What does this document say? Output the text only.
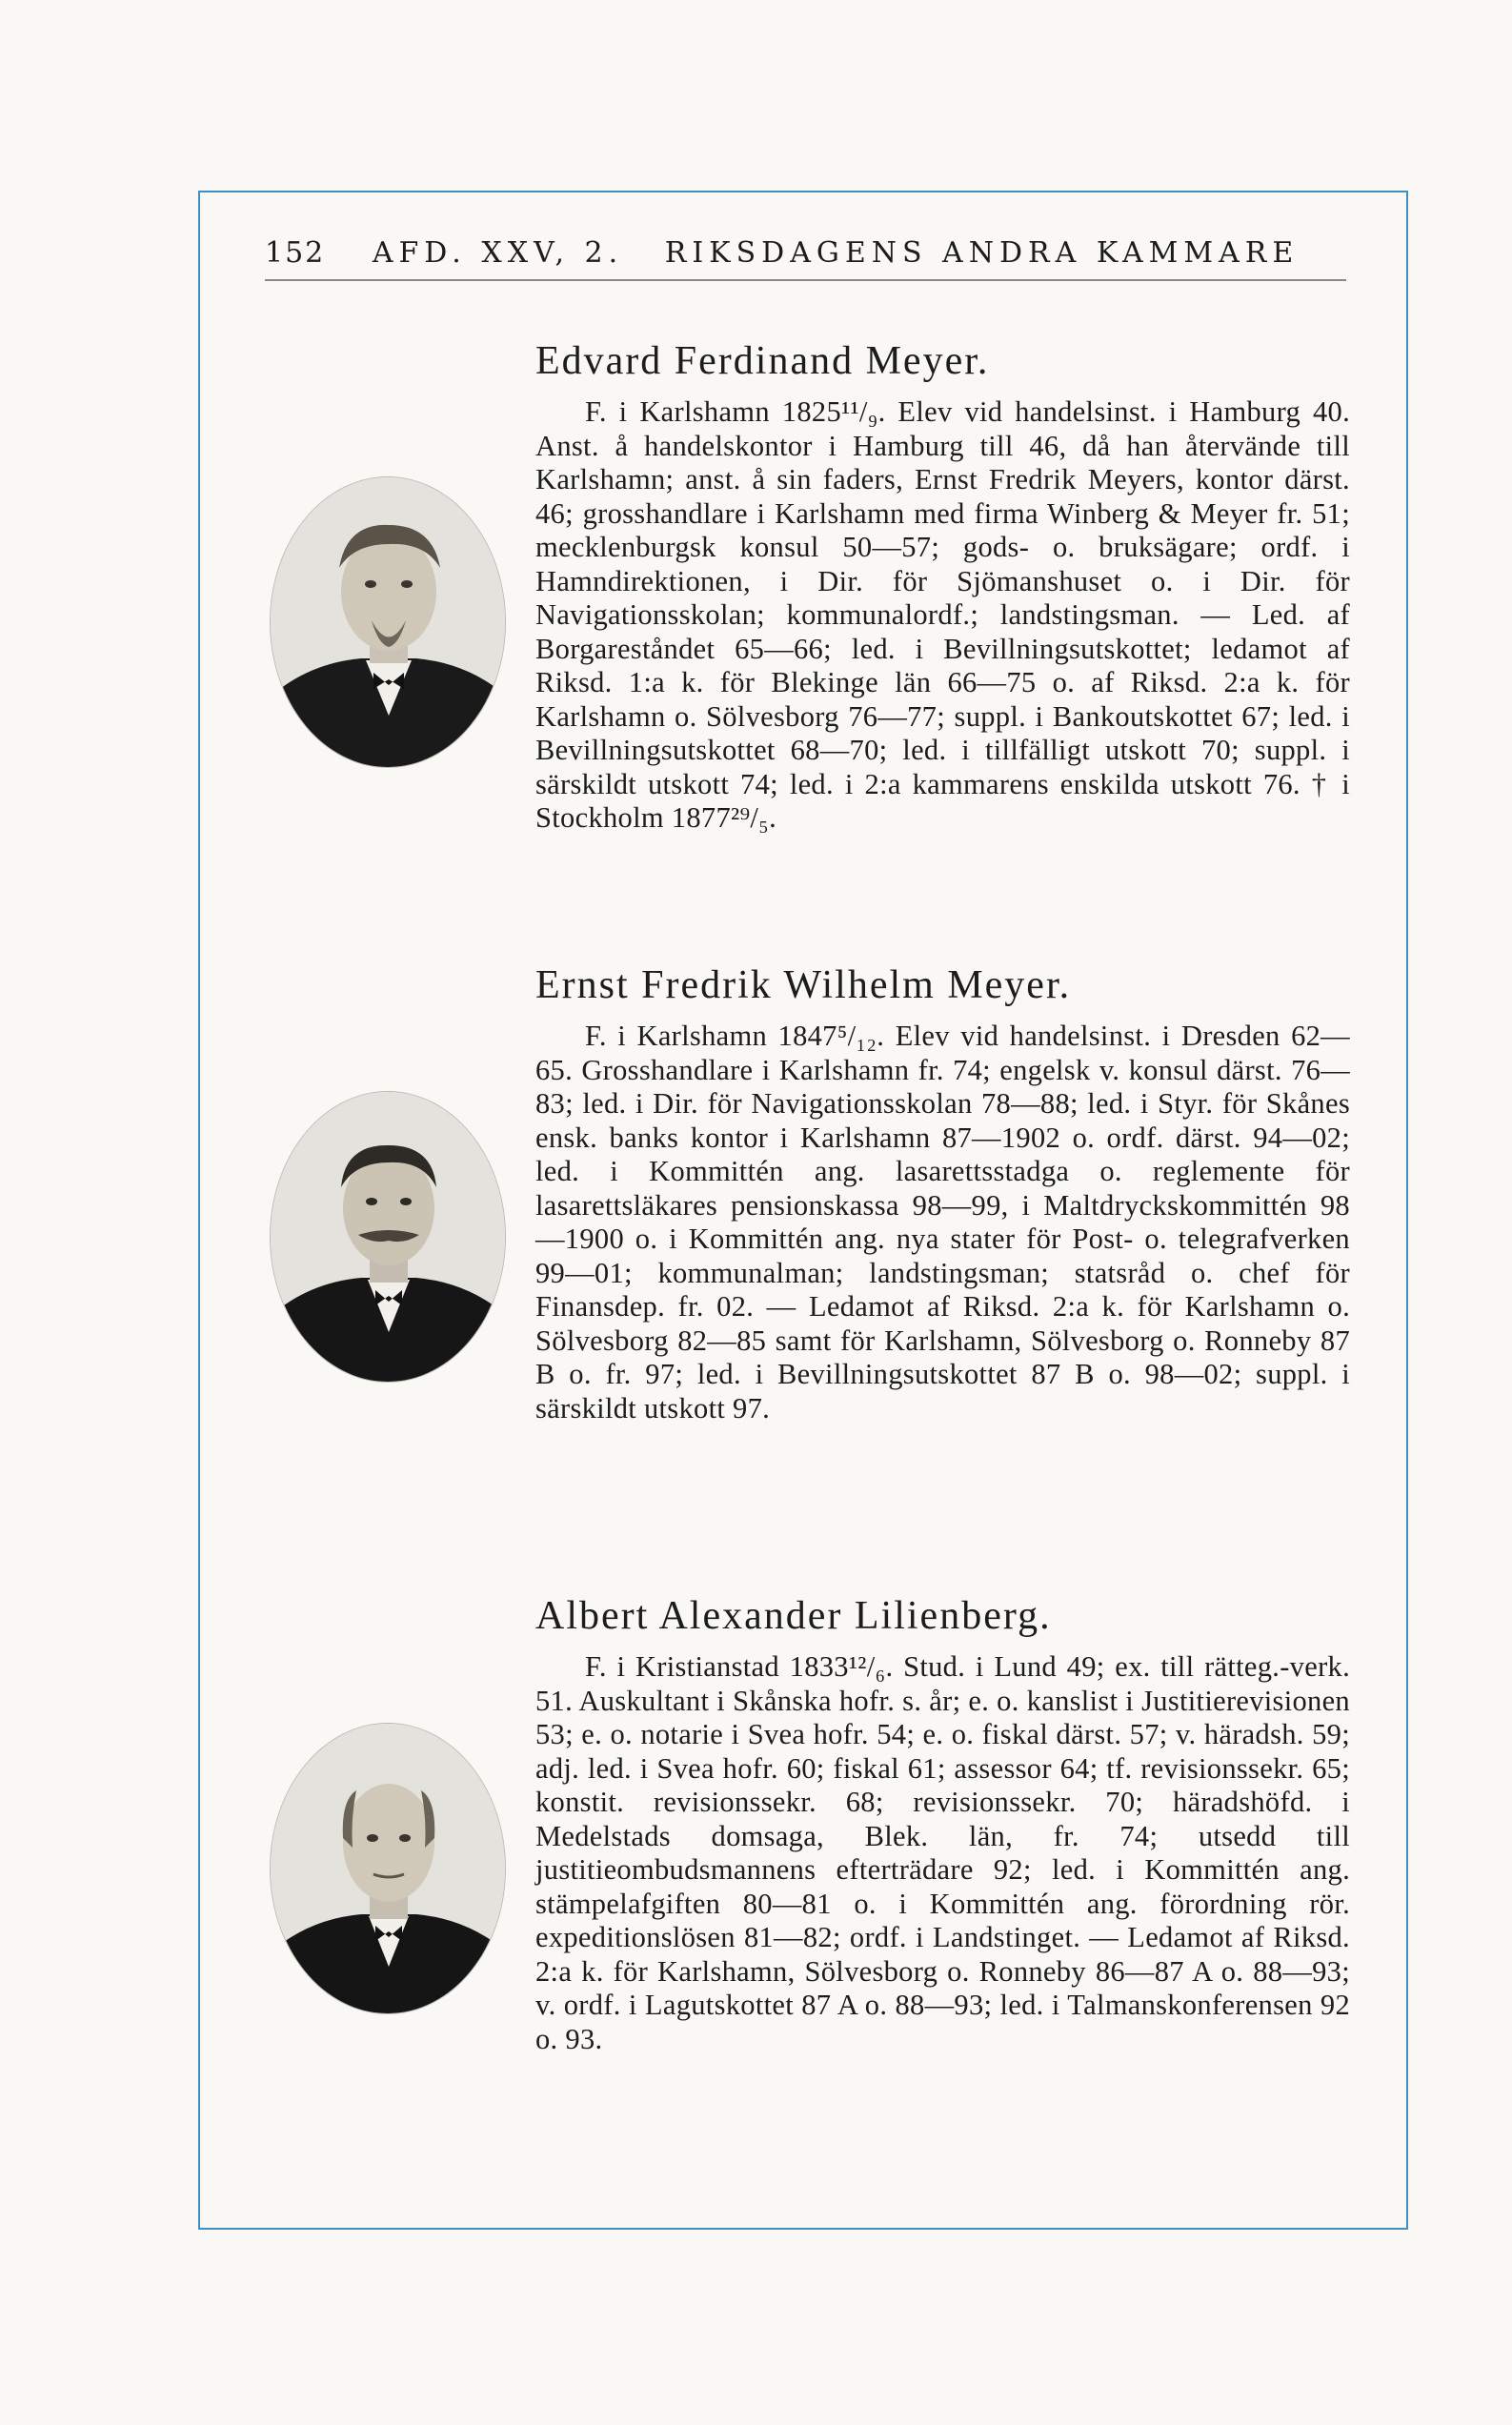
152 AFD. XXV, 2. RIKSDAGENS ANDRA KAMMARE
Edvard Ferdinand Meyer.

F. i Karlshamn 1825¹¹/₉. Elev vid handelsinst. i Hamburg 40. Anst. å handelskontor i Hamburg till 46, då han återvände till Karlshamn; anst. å sin faders, Ernst Fredrik Meyers, kontor därst. 46; grosshandlare i Karlshamn med firma Winberg & Meyer fr. 51; mecklenburgsk konsul 50—57; gods- o. bruksägare; ordf. i Hamndirektionen, i Dir. för Sjömanshuset o. i Dir. för Navigationsskolan; kommunalordf.; landstingsman. — Led. af Borgareståndet 65—66; led. i Bevillningsutskottet; ledamot af Riksd. 1:a k. för Blekinge län 66—75 o. af Riksd. 2:a k. för Karlshamn o. Sölvesborg 76—77; suppl. i Bankoutskottet 67; led. i Bevillningsutskottet 68—70; led. i tillfälligt utskott 70; suppl. i särskildt utskott 74; led. i 2:a kammarens enskilda utskott 76. † i Stockholm 1877²⁹/₅.

Ernst Fredrik Wilhelm Meyer.

F. i Karlshamn 1847⁵/₁₂. Elev vid handelsinst. i Dresden 62—65. Grosshandlare i Karlshamn fr. 74; engelsk v. konsul därst. 76—83; led. i Dir. för Navigationsskolan 78—88; led. i Styr. för Skånes ensk. banks kontor i Karlshamn 87—1902 o. ordf. därst. 94—02; led. i Kommittén ang. lasarettsstadga o. reglemente för lasarettsläkares pensionskassa 98—99, i Maltdryckskommittén 98—1900 o. i Kommittén ang. nya stater för Post- o. telegrafverken 99—01; kommunalman; landstingsman; statsråd o. chef för Finansdep. fr. 02. — Ledamot af Riksd. 2:a k. för Karlshamn o. Sölvesborg 82—85 samt för Karlshamn, Sölvesborg o. Ronneby 87 B o. fr. 97; led. i Bevillningsutskottet 87 B o. 98—02; suppl. i särskildt utskott 97.

Albert Alexander Lilienberg.

F. i Kristianstad 1833¹²/₆. Stud. i Lund 49; ex. till rätteg.-verk. 51. Auskultant i Skånska hofr. s. år; e. o. kanslist i Justitierevisionen 53; e. o. notarie i Svea hofr. 54; e. o. fiskal därst. 57; v. häradsh. 59; adj. led. i Svea hofr. 60; fiskal 61; assessor 64; tf. revisionssekr. 65; konstit. revisionssekr. 68; revisionssekr. 70; häradshöfd. i Medelstads domsaga, Blek. län, fr. 74; utsedd till justitieombudsmannens efterträdare 92; led. i Kommittén ang. stämpelafgiften 80—81 o. i Kommittén ang. förordning rör. expeditionslösen 81—82; ordf. i Landstinget. — Ledamot af Riksd. 2:a k. för Karlshamn, Sölvesborg o. Ronneby 86—87 A o. 88—93; v. ordf. i Lagutskottet 87 A o. 88—93; led. i Talmanskonferensen 92 o. 93.
